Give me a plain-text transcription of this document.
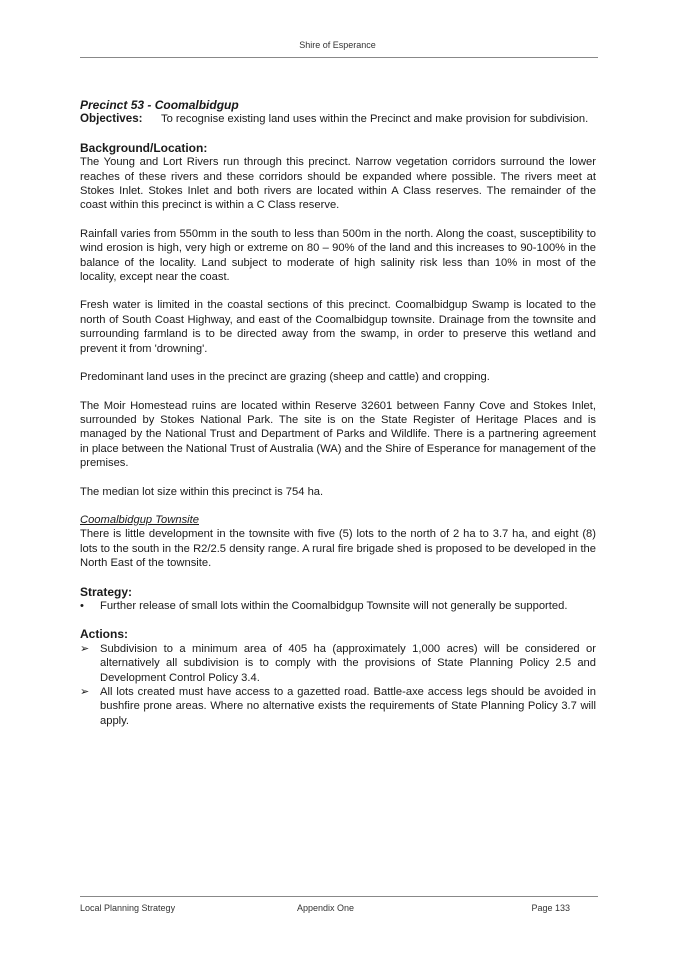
Shire of Esperance

Precinct 53 - Coomalbidgup

Objectives:	To recognise existing land uses within the Precinct and make provision for subdivision.

Background/Location:

The Young and Lort Rivers run through this precinct. Narrow vegetation corridors surround the lower reaches of these rivers and these corridors should be expanded where possible. The rivers meet at Stokes Inlet. Stokes Inlet and both rivers are located within A Class reserves. The remainder of the coast within this precinct is within a C Class reserve.

Rainfall varies from 550mm in the south to less than 500m in the north. Along the coast, susceptibility to wind erosion is high, very high or extreme on 80 – 90% of the land and this increases to 90-100% in the balance of the locality. Land subject to moderate of high salinity risk less than 10% in most of the locality, except near the coast.

Fresh water is limited in the coastal sections of this precinct. Coomalbidgup Swamp is located to the north of South Coast Highway, and east of the Coomalbidgup townsite. Drainage from the townsite and surrounding farmland is to be directed away from the swamp, in order to preserve this wetland and prevent it from 'drowning'.

Predominant land uses in the precinct are grazing (sheep and cattle) and cropping.

The Moir Homestead ruins are located within Reserve 32601 between Fanny Cove and Stokes Inlet, surrounded by Stokes National Park. The site is on the State Register of Heritage Places and is managed by the National Trust and Department of Parks and Wildlife. There is a partnering agreement in place between the National Trust of Australia (WA) and the Shire of Esperance for management of the premises.

The median lot size within this precinct is 754 ha.

Coomalbidgup Townsite

There is little development in the townsite with five (5) lots to the north of 2 ha to 3.7 ha, and eight (8) lots to the south in the R2/2.5 density range. A rural fire brigade shed is proposed to be developed in the North East of the townsite.

Strategy:

• Further release of small lots within the Coomalbidgup Townsite will not generally be supported.

Actions:

➢ Subdivision to a minimum area of 405 ha (approximately 1,000 acres) will be considered or alternatively all subdivision is to comply with the provisions of State Planning Policy 2.5 and Development Control Policy 3.4.
➢ All lots created must have access to a gazetted road. Battle-axe access legs should be avoided in bushfire prone areas. Where no alternative exists the requirements of State Planning Policy 3.7 will apply.
Local Planning Strategy	Appendix One	Page 133
